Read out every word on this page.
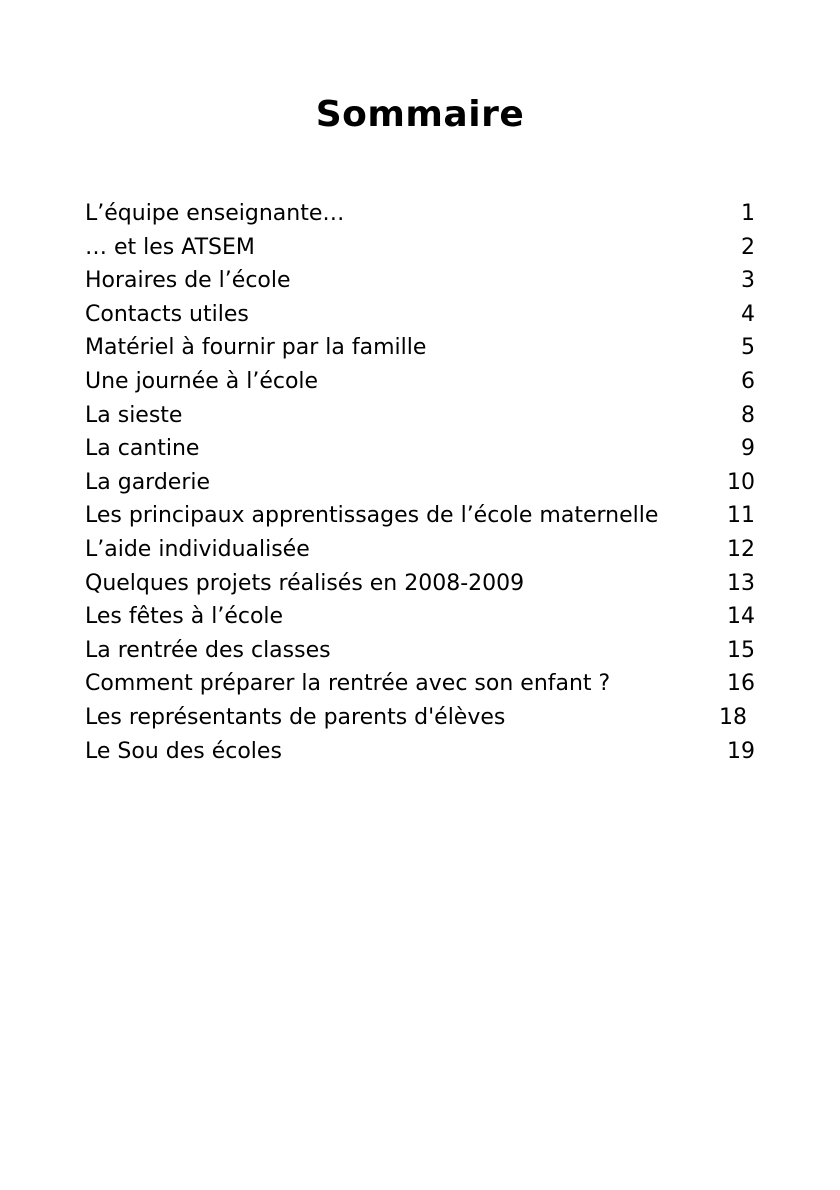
Sommaire
L’équipe enseignante…	1
… et les ATSEM	2
Horaires de l’école	3
Contacts utiles	4
Matériel à fournir par la famille	5
Une journée à l’école	6
La sieste	8
La cantine	9
La garderie	10
Les principaux apprentissages de l’école maternelle	11
L’aide individualisée	12
Quelques projets réalisés en 2008-2009	13
Les fêtes à l’école	14
La rentrée des classes	15
Comment préparer la rentrée avec son enfant ?	16
Les représentants de parents d'élèves	18
Le Sou des écoles	19
